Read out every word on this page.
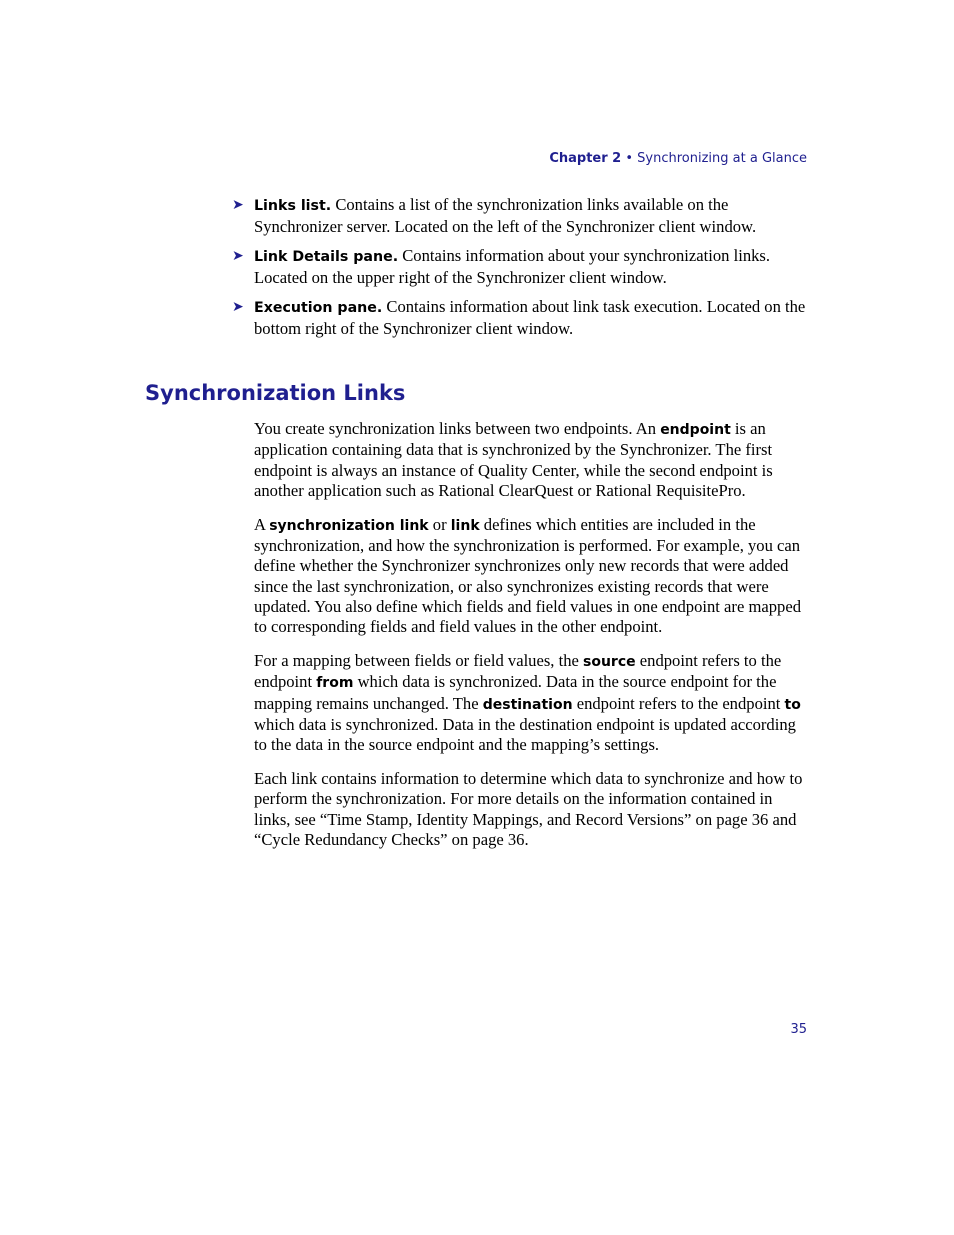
Chapter 2 • Synchronizing at a Glance
➤ Links list. Contains a list of the synchronization links available on the Synchronizer server. Located on the left of the Synchronizer client window.
➤ Link Details pane. Contains information about your synchronization links. Located on the upper right of the Synchronizer client window.
➤ Execution pane. Contains information about link task execution. Located on the bottom right of the Synchronizer client window.
Synchronization Links

You create synchronization links between two endpoints. An endpoint is an application containing data that is synchronized by the Synchronizer. The first endpoint is always an instance of Quality Center, while the second endpoint is another application such as Rational ClearQuest or Rational RequisitePro.

A synchronization link or link defines which entities are included in the synchronization, and how the synchronization is performed. For example, you can define whether the Synchronizer synchronizes only new records that were added since the last synchronization, or also synchronizes existing records that were updated. You also define which fields and field values in one endpoint are mapped to corresponding fields and field values in the other endpoint.

For a mapping between fields or field values, the source endpoint refers to the endpoint from which data is synchronized. Data in the source endpoint for the mapping remains unchanged. The destination endpoint refers to the endpoint to which data is synchronized. Data in the destination endpoint is updated according to the data in the source endpoint and the mapping’s settings.

Each link contains information to determine which data to synchronize and how to perform the synchronization. For more details on the information contained in links, see “Time Stamp, Identity Mappings, and Record Versions” on page 36 and “Cycle Redundancy Checks” on page 36.

35
